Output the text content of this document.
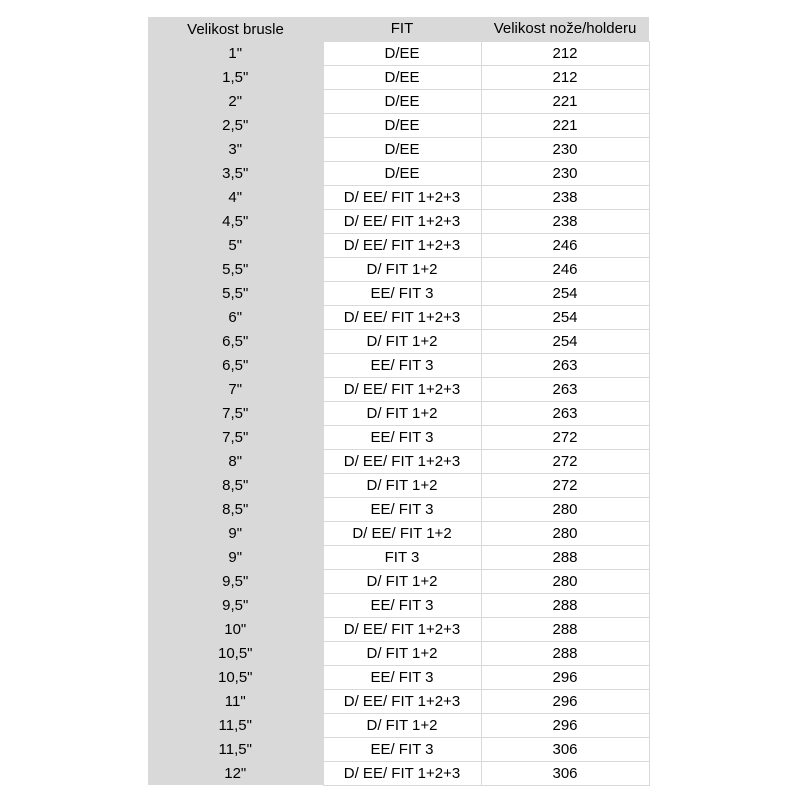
Velikost brusle	FIT	Velikost nože/holderu
1"	D/EE	212
1,5"	D/EE	212
2"	D/EE	221
2,5"	D/EE	221
3"	D/EE	230
3,5"	D/EE	230
4"	D/ EE/ FIT 1+2+3	238
4,5"	D/ EE/ FIT 1+2+3	238
5"	D/ EE/ FIT 1+2+3	246
5,5"	D/ FIT 1+2	246
5,5"	EE/ FIT 3	254
6"	D/ EE/ FIT 1+2+3	254
6,5"	D/ FIT 1+2	254
6,5"	EE/ FIT 3	263
7"	D/ EE/ FIT 1+2+3	263
7,5"	D/ FIT 1+2	263
7,5"	EE/ FIT 3	272
8"	D/ EE/ FIT 1+2+3	272
8,5"	D/ FIT 1+2	272
8,5"	EE/ FIT 3	280
9"	D/ EE/ FIT 1+2	280
9"	FIT 3	288
9,5"	D/ FIT 1+2	280
9,5"	EE/ FIT 3	288
10"	D/ EE/ FIT 1+2+3	288
10,5"	D/ FIT 1+2	288
10,5"	EE/ FIT 3	296
11"	D/ EE/ FIT 1+2+3	296
11,5"	D/ FIT 1+2	296
11,5"	EE/ FIT 3	306
12"	D/ EE/ FIT 1+2+3	306
